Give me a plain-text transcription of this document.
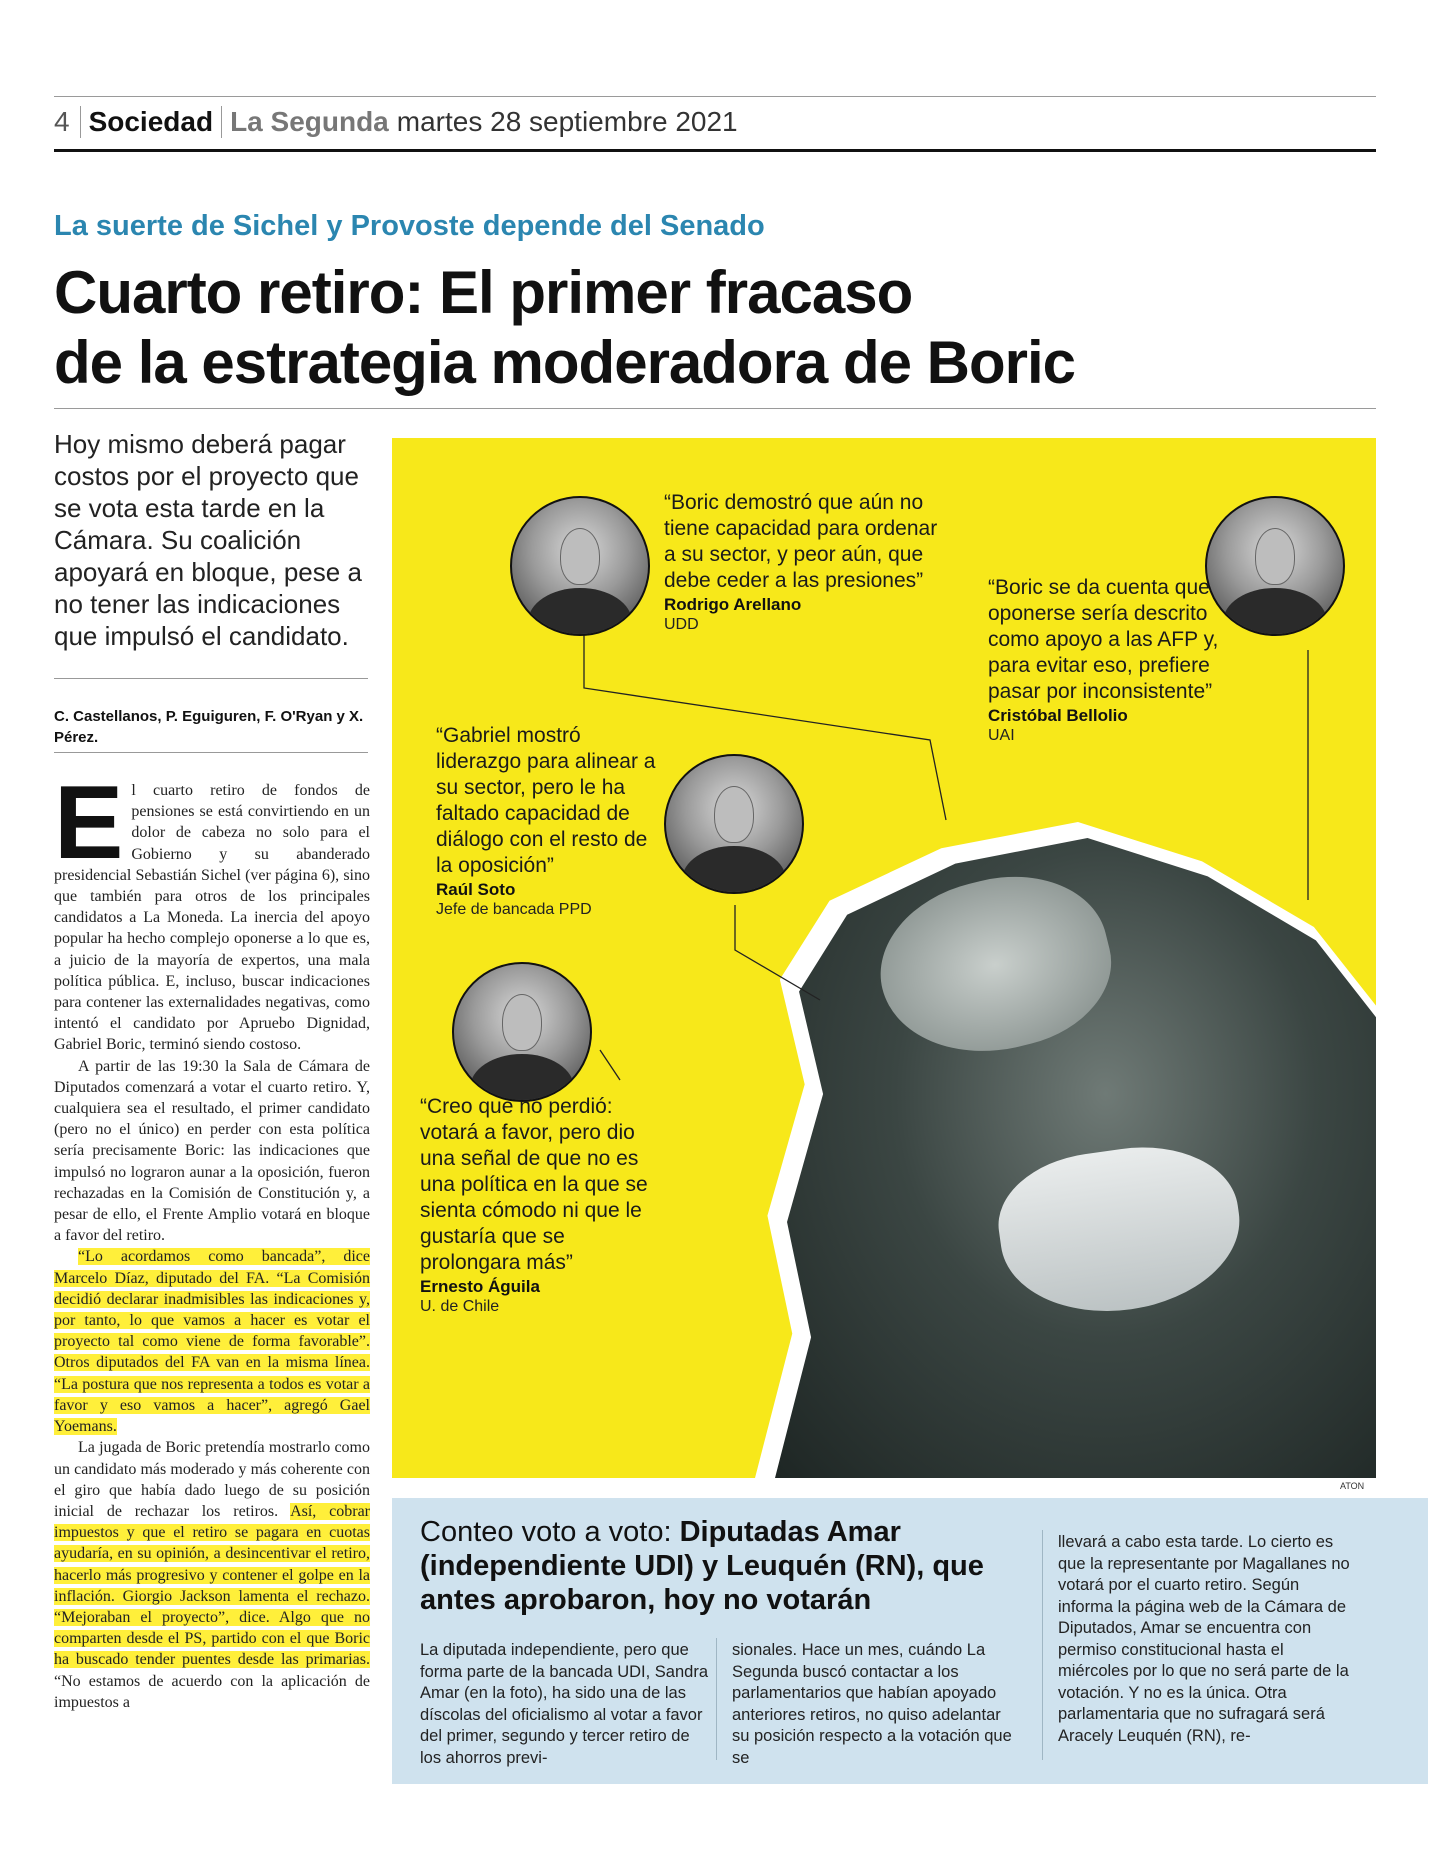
4 Sociedad La Segunda martes 28 septiembre 2021
La suerte de Sichel y Provoste depende del Senado
Cuarto retiro: El primer fracaso
de la estrategia moderadora de Boric
Hoy mismo deberá pagar costos por el proyecto que se vota esta tarde en la Cámara. Su coalición apoyará en bloque, pese a no tener las indicaciones que impulsó el candidato.
C. Castellanos, P. Eguiguren, F. O'Ryan y X. Pérez.

El cuarto retiro de fondos de pensiones se está convirtiendo en un dolor de cabeza no solo para el Gobierno y su abanderado presidencial Sebastián Sichel (ver página 6), sino que también para otros de los principales candidatos a La Moneda. La inercia del apoyo popular ha hecho complejo oponerse a lo que es, a juicio de la mayoría de expertos, una mala política pública. E, incluso, buscar indicaciones para contener las externalidades negativas, como intentó el candidato por Apruebo Dignidad, Gabriel Boric, terminó siendo costoso.

A partir de las 19:30 la Sala de Cámara de Diputados comenzará a votar el cuarto retiro. Y, cualquiera sea el resultado, el primer candidato (pero no el único) en perder con esta política sería precisamente Boric: las indicaciones que impulsó no lograron aunar a la oposición, fueron rechazadas en la Comisión de Constitución y, a pesar de ello, el Frente Amplio votará en bloque a favor del retiro.

“Lo acordamos como bancada”, dice Marcelo Díaz, diputado del FA. “La Comisión decidió declarar inadmisibles las indicaciones y, por tanto, lo que vamos a hacer es votar el proyecto tal como viene de forma favorable”. Otros diputados del FA van en la misma línea. “La postura que nos representa a todos es votar a favor y eso vamos a hacer”, agregó Gael Yoemans.

La jugada de Boric pretendía mostrarlo como un candidato más moderado y más coherente con el giro que había dado luego de su posición inicial de rechazar los retiros. Así, cobrar impuestos y que el retiro se pagara en cuotas ayudaría, en su opinión, a desincentivar el retiro, hacerlo más progresivo y contener el golpe en la inflación. Giorgio Jackson lamenta el rechazo. “Mejoraban el proyecto”, dice. Algo que no comparten desde el PS, partido con el que Boric ha buscado tender puentes desde las primarias. “No estamos de acuerdo con la aplicación de impuestos a

ATON
“Boric demostró que aún no tiene capacidad para ordenar a su sector, y peor aún, que debe ceder a las presiones”
Rodrigo Arellano
UDD
“Boric se da cuenta que oponerse sería descrito como apoyo a las AFP y, para evitar eso, prefiere pasar por inconsistente”
Cristóbal Bellolio
UAI
“Gabriel mostró liderazgo para alinear a su sector, pero le ha faltado capacidad de diálogo con el resto de la oposición”
Raúl Soto
Jefe de bancada PPD
“Creo que no perdió: votará a favor, pero dio una señal de que no es una política en la que se sienta cómodo ni que le gustaría que se prolongara más”
Ernesto Águila
U. de Chile
Conteo voto a voto: Diputadas Amar (independiente UDI) y Leuquén (RN), que antes aprobaron, hoy no votarán
La diputada independiente, pero que forma parte de la bancada UDI, Sandra Amar (en la foto), ha sido una de las díscolas del oficialismo al votar a favor del primer, segundo y tercer retiro de los ahorros previ-
sionales. Hace un mes, cuándo La Segunda buscó contactar a los parlamentarios que habían apoyado anteriores retiros, no quiso adelantar su posición respecto a la votación que se
llevará a cabo esta tarde. Lo cierto es que la representante por Magallanes no votará por el cuarto retiro. Según informa la página web de la Cámara de Diputados, Amar se encuentra con permiso constitucional hasta el miércoles por lo que no será parte de la votación. Y no es la única. Otra parlamentaria que no sufragará será Aracely Leuquén (RN), re-
